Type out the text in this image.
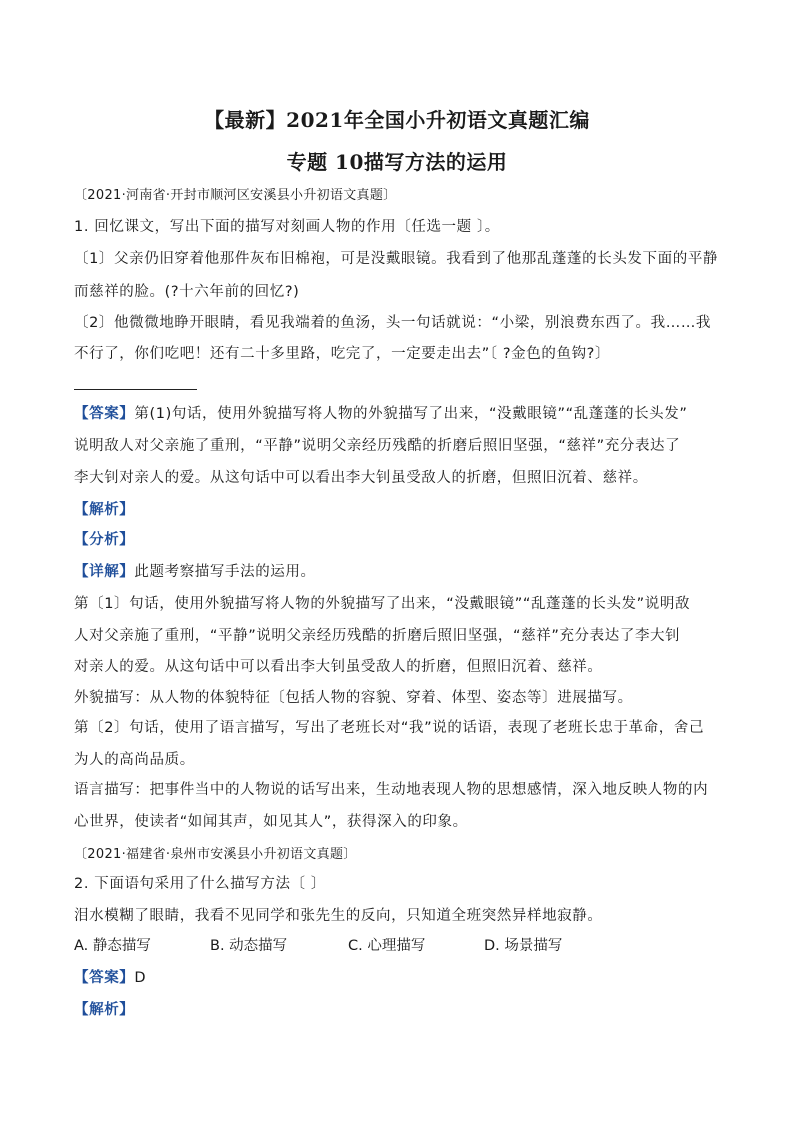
【最新】2021年全国小升初语文真题汇编
专题 10描写方法的运用
〔2021·河南省·开封市顺河区安溪县小升初语文真题〕
1. 回忆课文，写出下面的描写对刻画人物的作用〔任选一题 〕。
〔1〕父亲仍旧穿着他那件灰布旧棉袍，可是没戴眼镜。我看到了他那乱蓬蓬的长头发下面的平静
而慈祥的脸。(?十六年前的回忆?)
〔2〕他微微地睁开眼睛，看见我端着的鱼汤，头一句话就说：“小梁，别浪费东西了。我……我
不行了，你们吃吧！还有二十多里路，吃完了，一定要走出去”〔 ?金色的鱼钩?〕
【答案】第(1)句话，使用外貌描写将人物的外貌描写了出来，“没戴眼镜”“乱蓬蓬的长头发”
说明敌人对父亲施了重刑，“平静”说明父亲经历残酷的折磨后照旧坚强，“慈祥”充分表达了
李大钊对亲人的爱。从这句话中可以看出李大钊虽受敌人的折磨，但照旧沉着、慈祥。
【解析】
【分析】
【详解】此题考察描写手法的运用。
第〔1〕句话，使用外貌描写将人物的外貌描写了出来，“没戴眼镜”“乱蓬蓬的长头发”说明敌
人对父亲施了重刑，“平静”说明父亲经历残酷的折磨后照旧坚强，“慈祥”充分表达了李大钊
对亲人的爱。从这句话中可以看出李大钊虽受敌人的折磨，但照旧沉着、慈祥。
外貌描写：从人物的体貌特征〔包括人物的容貌、穿着、体型、姿态等〕进展描写。
第〔2〕句话，使用了语言描写，写出了老班长对“我”说的话语，表现了老班长忠于革命，舍己
为人的高尚品质。
语言描写：把事件当中的人物说的话写出来，生动地表现人物的思想感情，深入地反映人物的内
心世界，使读者“如闻其声，如见其人”，获得深入的印象。
〔2021·福建省·泉州市安溪县小升初语文真题〕
2. 下面语句采用了什么描写方法〔 〕
泪水模糊了眼睛，我看不见同学和张先生的反向，只知道全班突然异样地寂静。
A. 静态描写	B. 动态描写	C. 心理描写	D. 场景描写
【答案】D
【解析】
